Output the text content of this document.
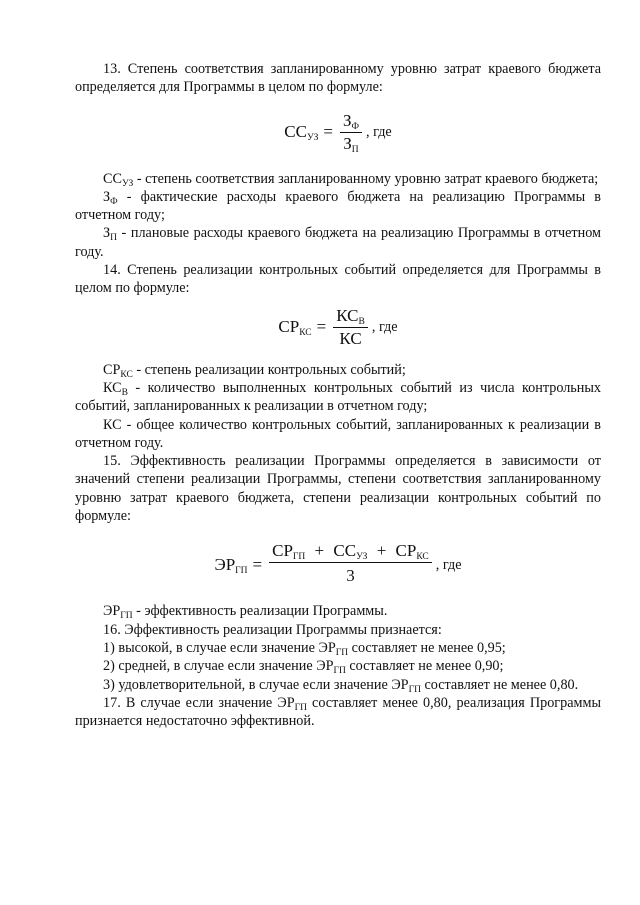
13. Степень соответствия запланированному уровню затрат краевого бюджета определяется для Программы в целом по формуле:

$СС_{УЗ} = \frac{З_Ф}{З_П}$ , где

$СС_{УЗ}$ - степень соответствия запланированному уровню затрат краевого бюджета;

$З_Ф$ - фактические расходы краевого бюджета на реализацию Программы в отчетном году;

$З_П$ - плановые расходы краевого бюджета на реализацию Программы в отчетном году.

14. Степень реализации контрольных событий определяется для Программы в целом по формуле:

$СР_{КС} = \frac{КС_В}{КС}$ , где

$СР_{КС}$ - степень реализации контрольных событий;

$КС_В$ - количество выполненных контрольных событий из числа контрольных событий, запланированных к реализации в отчетном году;

КС - общее количество контрольных событий, запланированных к реализации в отчетном году.

15. Эффективность реализации Программы определяется в зависимости от значений степени реализации Программы, степени соответствия запланированному уровню затрат краевого бюджета, степени реализации контрольных событий по формуле:

$ЭР_{ГП} = \frac{СР_{ГП} + СС_{УЗ} + СР_{КС}}{3}$ , где

$ЭР_{ГП}$ - эффективность реализации Программы.

16. Эффективность реализации Программы признается:

1) высокой, в случае если значение $ЭР_{ГП}$ составляет не менее 0,95;

2) средней, в случае если значение $ЭР_{ГП}$ составляет не менее 0,90;

3) удовлетворительной, в случае если значение $ЭР_{ГП}$ составляет не менее 0,80.

17. В случае если значение $ЭР_{ГП}$ составляет менее 0,80, реализация Программы признается недостаточно эффективной.
